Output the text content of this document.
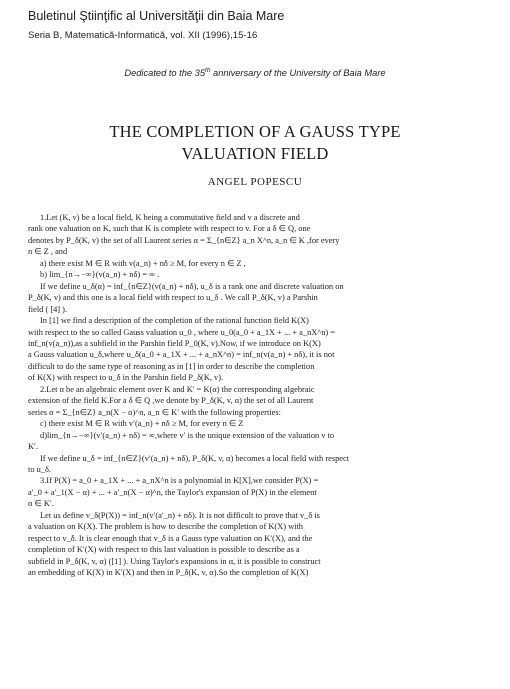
Buletinul Ştiinţific al Universităţii din Baia Mare
Seria B, Matematică-Informatică, vol. XII (1996),15-16
Dedicated to the 35th anniversary of the University of Baia Mare
THE COMPLETION OF A GAUSS TYPE
VALUATION FIELD
ANGEL POPESCU
1.Let (K, v) be a local field, K being a commutative field and v a discrete and
rank one valuation on K, such that K is complete with respect to v. For a δ ∈ Q, one
denotes by P_δ(K, v) the set of all Laurent series α = Σ_{n∈Z} a_n X^n, a_n ∈ K ,for every
n ∈ Z , and
a) there exist M ∈ R with v(a_n) + nδ ≥ M, for every n ∈ Z ,
b) lim_{n→−∞}(v(a_n) + nδ) = ∞ .
If we define u_δ(α) = inf_{n∈Z}(v(a_n) + nδ), u_δ is a rank one and discrete valuation on
P_δ(K, v) and this one is a local field with respect to u_δ . We call P_δ(K, v) a Parshin
field ( [4] ).
In [1] we find a description of the completion of the rational function field K(X)
with respect to the so called Gauss valuation u_0 , where u_0(a_0 + a_1X + ... + a_nX^n) =
inf_n(v(a_n)),as a subfield in the Parshin field P_0(K, v).Now, if we introduce on K(X)
a Gauss valuation u_δ,where u_δ(a_0 + a_1X + ... + a_nX^n) = inf_n(v(a_n) + nδ), it is not
difficult to do the same type of reasoning as in [1] in order to describe the completion
of K(X) with respect to u_δ in the Parshin field P_δ(K, v).
2.Let α be an algebraic element over K and K′ = K(α) the corresponding algebraic
extension of the field K.For a δ ∈ Q ,we denote by P_δ(K, v, α) the set of all Laurent
series α = Σ_{n∈Z} a_n(X − α)^n, a_n ∈ K′ with the following properties:
c) there exist M ∈ R with v′(a_n) + nδ ≥ M, for every n ∈ Z
d)lim_{n→−∞}(v′(a_n) + nδ) = ∞,where v′ is the unique extension of the valuation v to
K′.
If we define u_δ = inf_{n∈Z}(v′(a_n) + nδ), P_δ(K, v, α) becomes a local field with respect
to u_δ.
3.If P(X) = a_0 + a_1X + ... + a_nX^n is a polynomial in K[X],we consider P(X) =
a′_0 + a′_1(X − α) + ... + a′_n(X − α)^n, the Taylor's expansion of P(X) in the element
α ∈ K′.
Let us define v_δ(P(X)) = inf_n(v′(a′_n) + nδ). It is not difficult to prove that v_δ is
a valuation on K(X). The problem is how to describe the completion of K(X) with
respect to v_δ. It is clear enough that v_δ is a Gauss type valuation on K′(X), and the
completion of K′(X) with respect to this last valuation is possible to describe as a
subfield in P_δ(K, v, α) ([1] ). Using Taylor's expansions in α, it is possible to construct
an embedding of K(X) in K′(X) and then in P_δ(K, v, α).So the completion of K(X)
